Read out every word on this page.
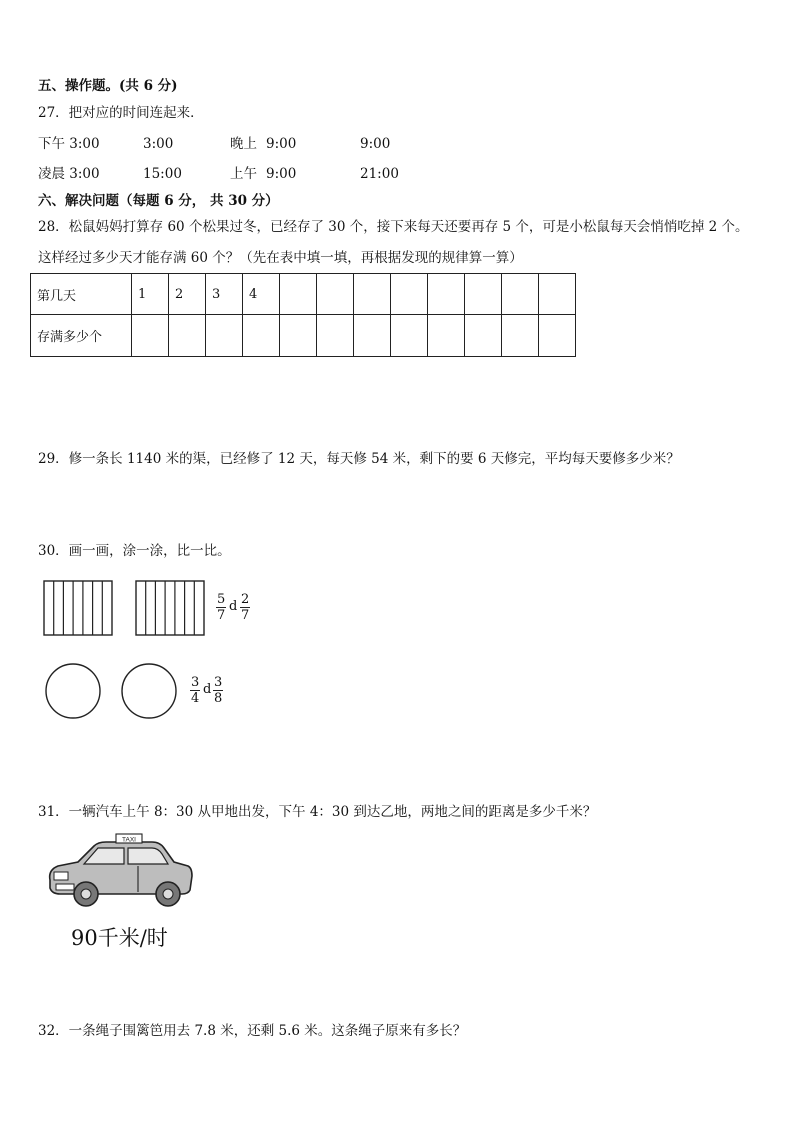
五、操作题。(共 6 分)
27．把对应的时间连起来．
下午 3:00	3:00	晚上 9:00	9:00
凌晨 3:00	15:00	上午 9:00	21:00
六、解决问题（每题 6 分， 共 30 分）
28．松鼠妈妈打算存 60 个松果过冬，已经存了 30 个，接下来每天还要再存 5 个，可是小松鼠每天会悄悄吃掉 2 个。
这样经过多少天才能存满 60 个？（先在表中填一填，再根据发现的规律算一算）
第几天	1	2	3	4								
存满多少个												
29．修一条长 1140 米的渠，已经修了 12 天，每天修 54 米，剩下的要 6 天修完，平均每天要修多少米？
30．画一画，涂一涂，比一比。
$\frac{5}{7}$ d $\frac{2}{7}$
$\frac{3}{4}$ d $\frac{3}{8}$
31．一辆汽车上午 8：30 从甲地出发，下午 4：30 到达乙地，两地之间的距离是多少千米？
TAXI
90千米/时
32．一条绳子围篱笆用去 7.8 米，还剩 5.6 米。这条绳子原来有多长？
